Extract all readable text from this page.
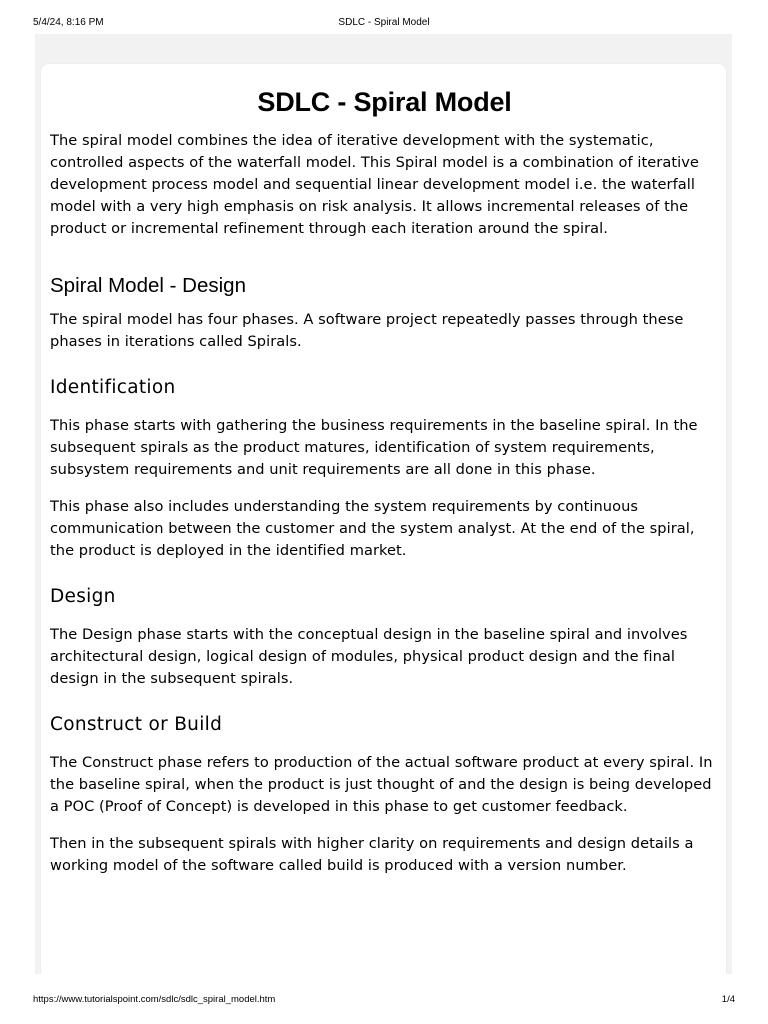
5/4/24, 8:16 PM	SDLC - Spiral Model
SDLC - Spiral Model

The spiral model combines the idea of iterative development with the systematic, controlled aspects of the waterfall model. This Spiral model is a combination of iterative development process model and sequential linear development model i.e. the waterfall model with a very high emphasis on risk analysis. It allows incremental releases of the product or incremental refinement through each iteration around the spiral.

Spiral Model - Design

The spiral model has four phases. A software project repeatedly passes through these phases in iterations called Spirals.

Identification

This phase starts with gathering the business requirements in the baseline spiral. In the subsequent spirals as the product matures, identification of system requirements, subsystem requirements and unit requirements are all done in this phase.

This phase also includes understanding the system requirements by continuous communication between the customer and the system analyst. At the end of the spiral, the product is deployed in the identified market.

Design

The Design phase starts with the conceptual design in the baseline spiral and involves architectural design, logical design of modules, physical product design and the final design in the subsequent spirals.

Construct or Build

The Construct phase refers to production of the actual software product at every spiral. In the baseline spiral, when the product is just thought of and the design is being developed a POC (Proof of Concept) is developed in this phase to get customer feedback.

Then in the subsequent spirals with higher clarity on requirements and design details a working model of the software called build is produced with a version number.

https://www.tutorialspoint.com/sdlc/sdlc_spiral_model.htm	1/4
